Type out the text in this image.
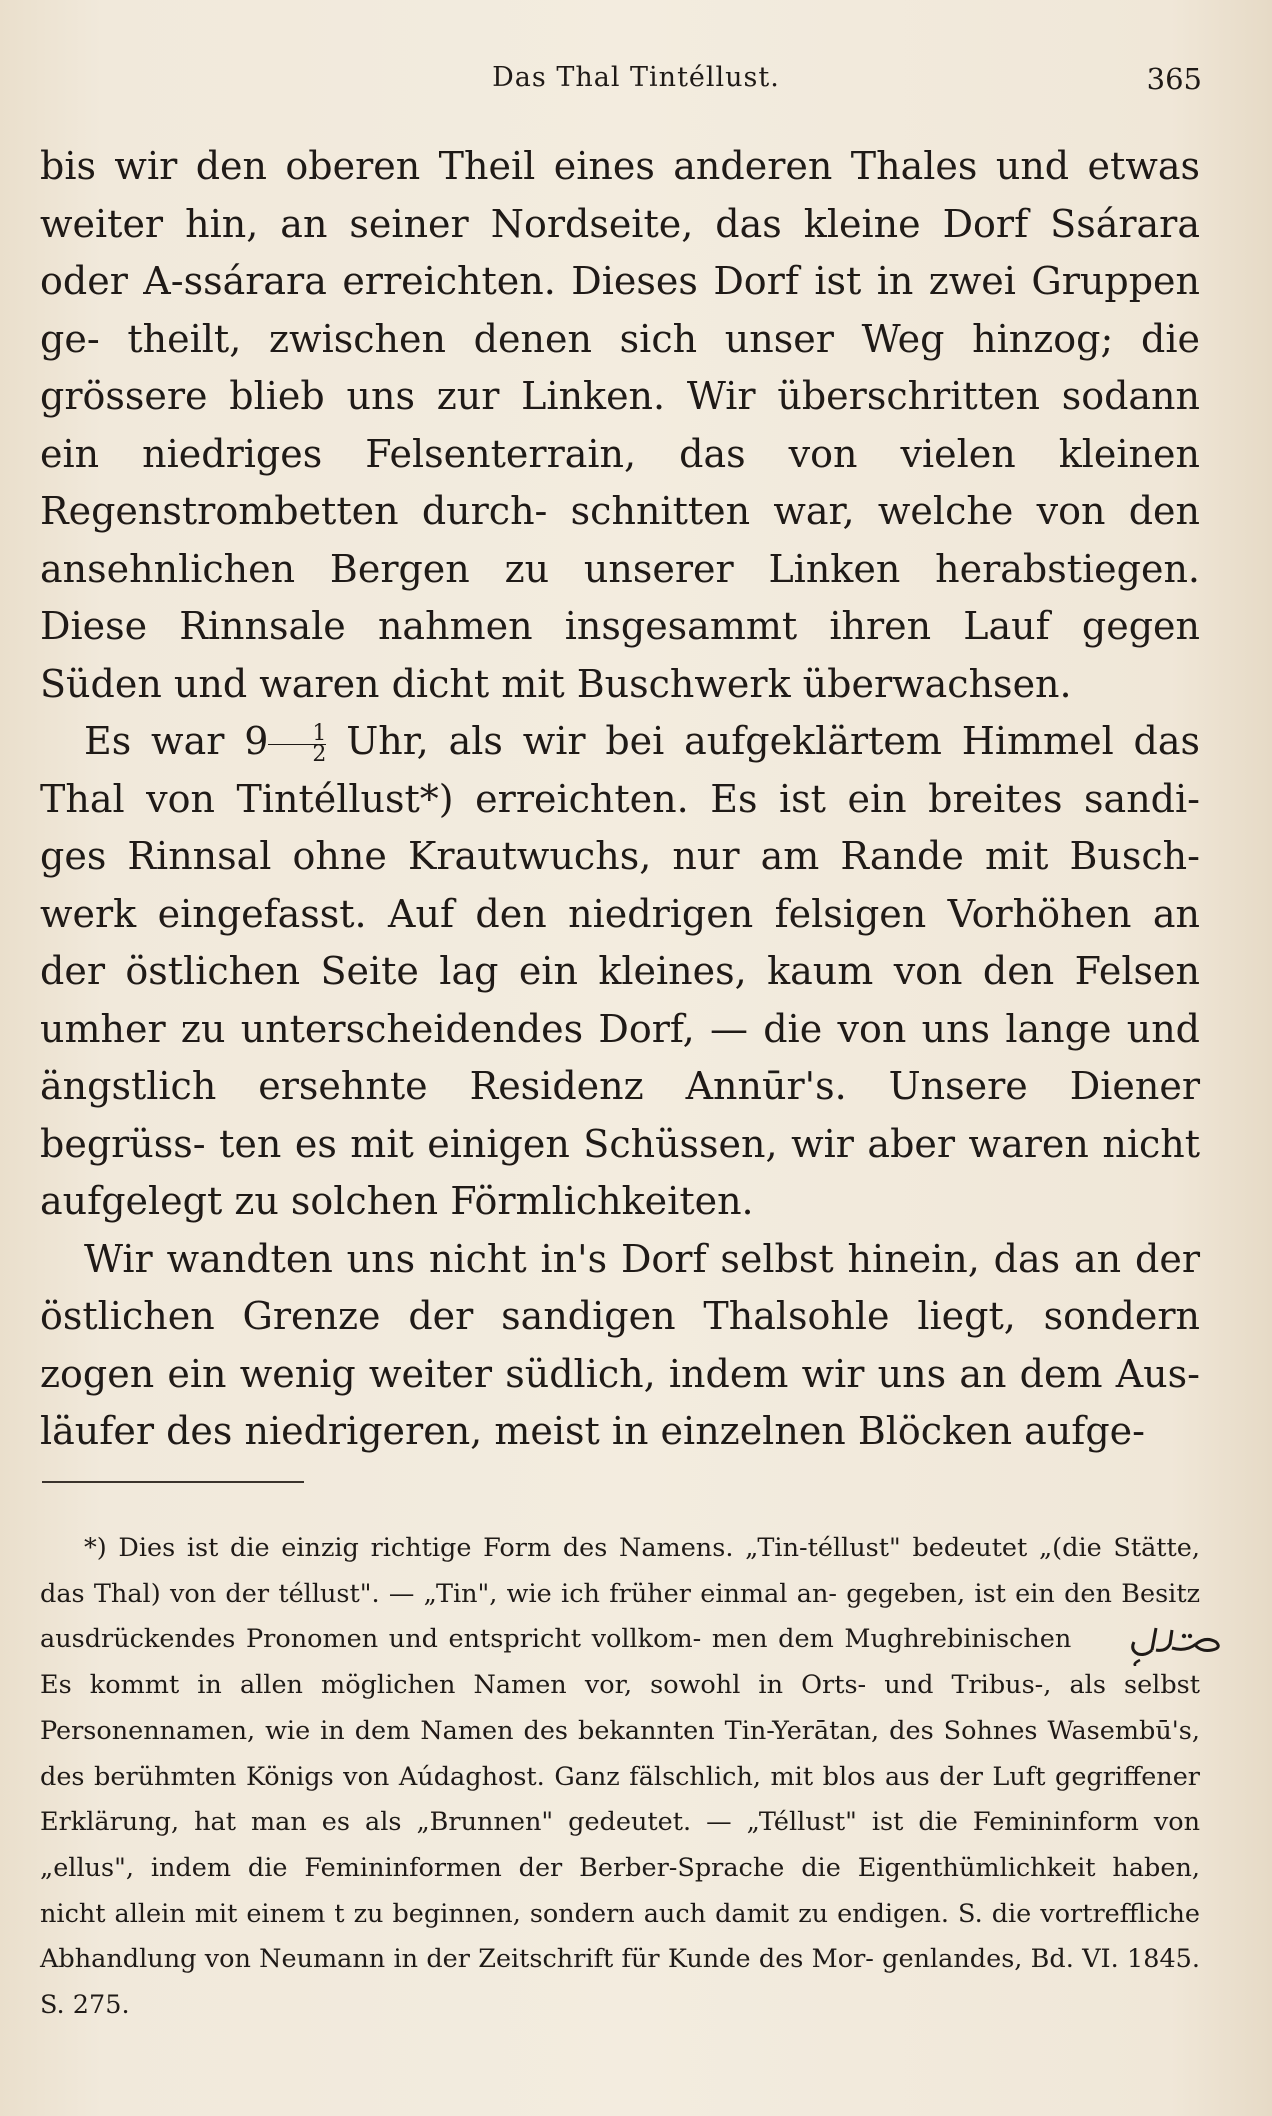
Das Thal Tintéllust.	365

bis wir den oberen Theil eines anderen Thales und etwas weiter hin, an seiner Nordseite, das kleine Dorf Ssárara oder A-ssárara erreichten. Dieses Dorf ist in zwei Gruppen ge- theilt, zwischen denen sich unser Weg hinzog; die grössere blieb uns zur Linken. Wir überschritten sodann ein niedriges Felsenterrain, das von vielen kleinen Regenstrombetten durch- schnitten war, welche von den ansehnlichen Bergen zu unserer Linken herabstiegen. Diese Rinnsale nahmen insgesammt ihren Lauf gegen Süden und waren dicht mit Buschwerk überwachsen.

Es war $9 \frac{1}{2}$ Uhr, als wir bei aufgeklärtem Himmel das Thal von Tintéllust*) erreichten. Es ist ein breites sandi- ges Rinnsal ohne Krautwuchs, nur am Rande mit Busch- werk eingefasst. Auf den niedrigen felsigen Vorhöhen an der östlichen Seite lag ein kleines, kaum von den Felsen umher zu unterscheidendes Dorf, — die von uns lange und ängstlich ersehnte Residenz Annūr's. Unsere Diener begrüss- ten es mit einigen Schüssen, wir aber waren nicht aufgelegt zu solchen Förmlichkeiten.

Wir wandten uns nicht in's Dorf selbst hinein, das an der östlichen Grenze der sandigen Thalsohle liegt, sondern zogen ein wenig weiter südlich, indem wir uns an dem Aus- läufer des niedrigeren, meist in einzelnen Blöcken aufge-

*) Dies ist die einzig richtige Form des Namens. „Tin-téllust" bedeutet „(die Stätte, das Thal) von der téllust". — „Tin", wie ich früher einmal an- gegeben, ist ein den Besitz ausdrückendes Pronomen und entspricht vollkom- men dem Mughrebinischen	. Es kommt in allen möglichen Namen vor, sowohl in Orts- und Tribus-, als selbst Personennamen, wie in dem Namen des bekannten Tin-Yerātan, des Sohnes Wasembū's, des berühmten Königs von Aúdaghost. Ganz fälschlich, mit blos aus der Luft gegriffener Erklärung, hat man es als „Brunnen" gedeutet. — „Téllust" ist die Femininform von „ellus", indem die Femininformen der Berber-Sprache die Eigenthümlichkeit haben, nicht allein mit einem t zu beginnen, sondern auch damit zu endigen. S. die vortreffliche Abhandlung von Neumann in der Zeitschrift für Kunde des Mor- genlandes, Bd. VI. 1845. S. 275.
